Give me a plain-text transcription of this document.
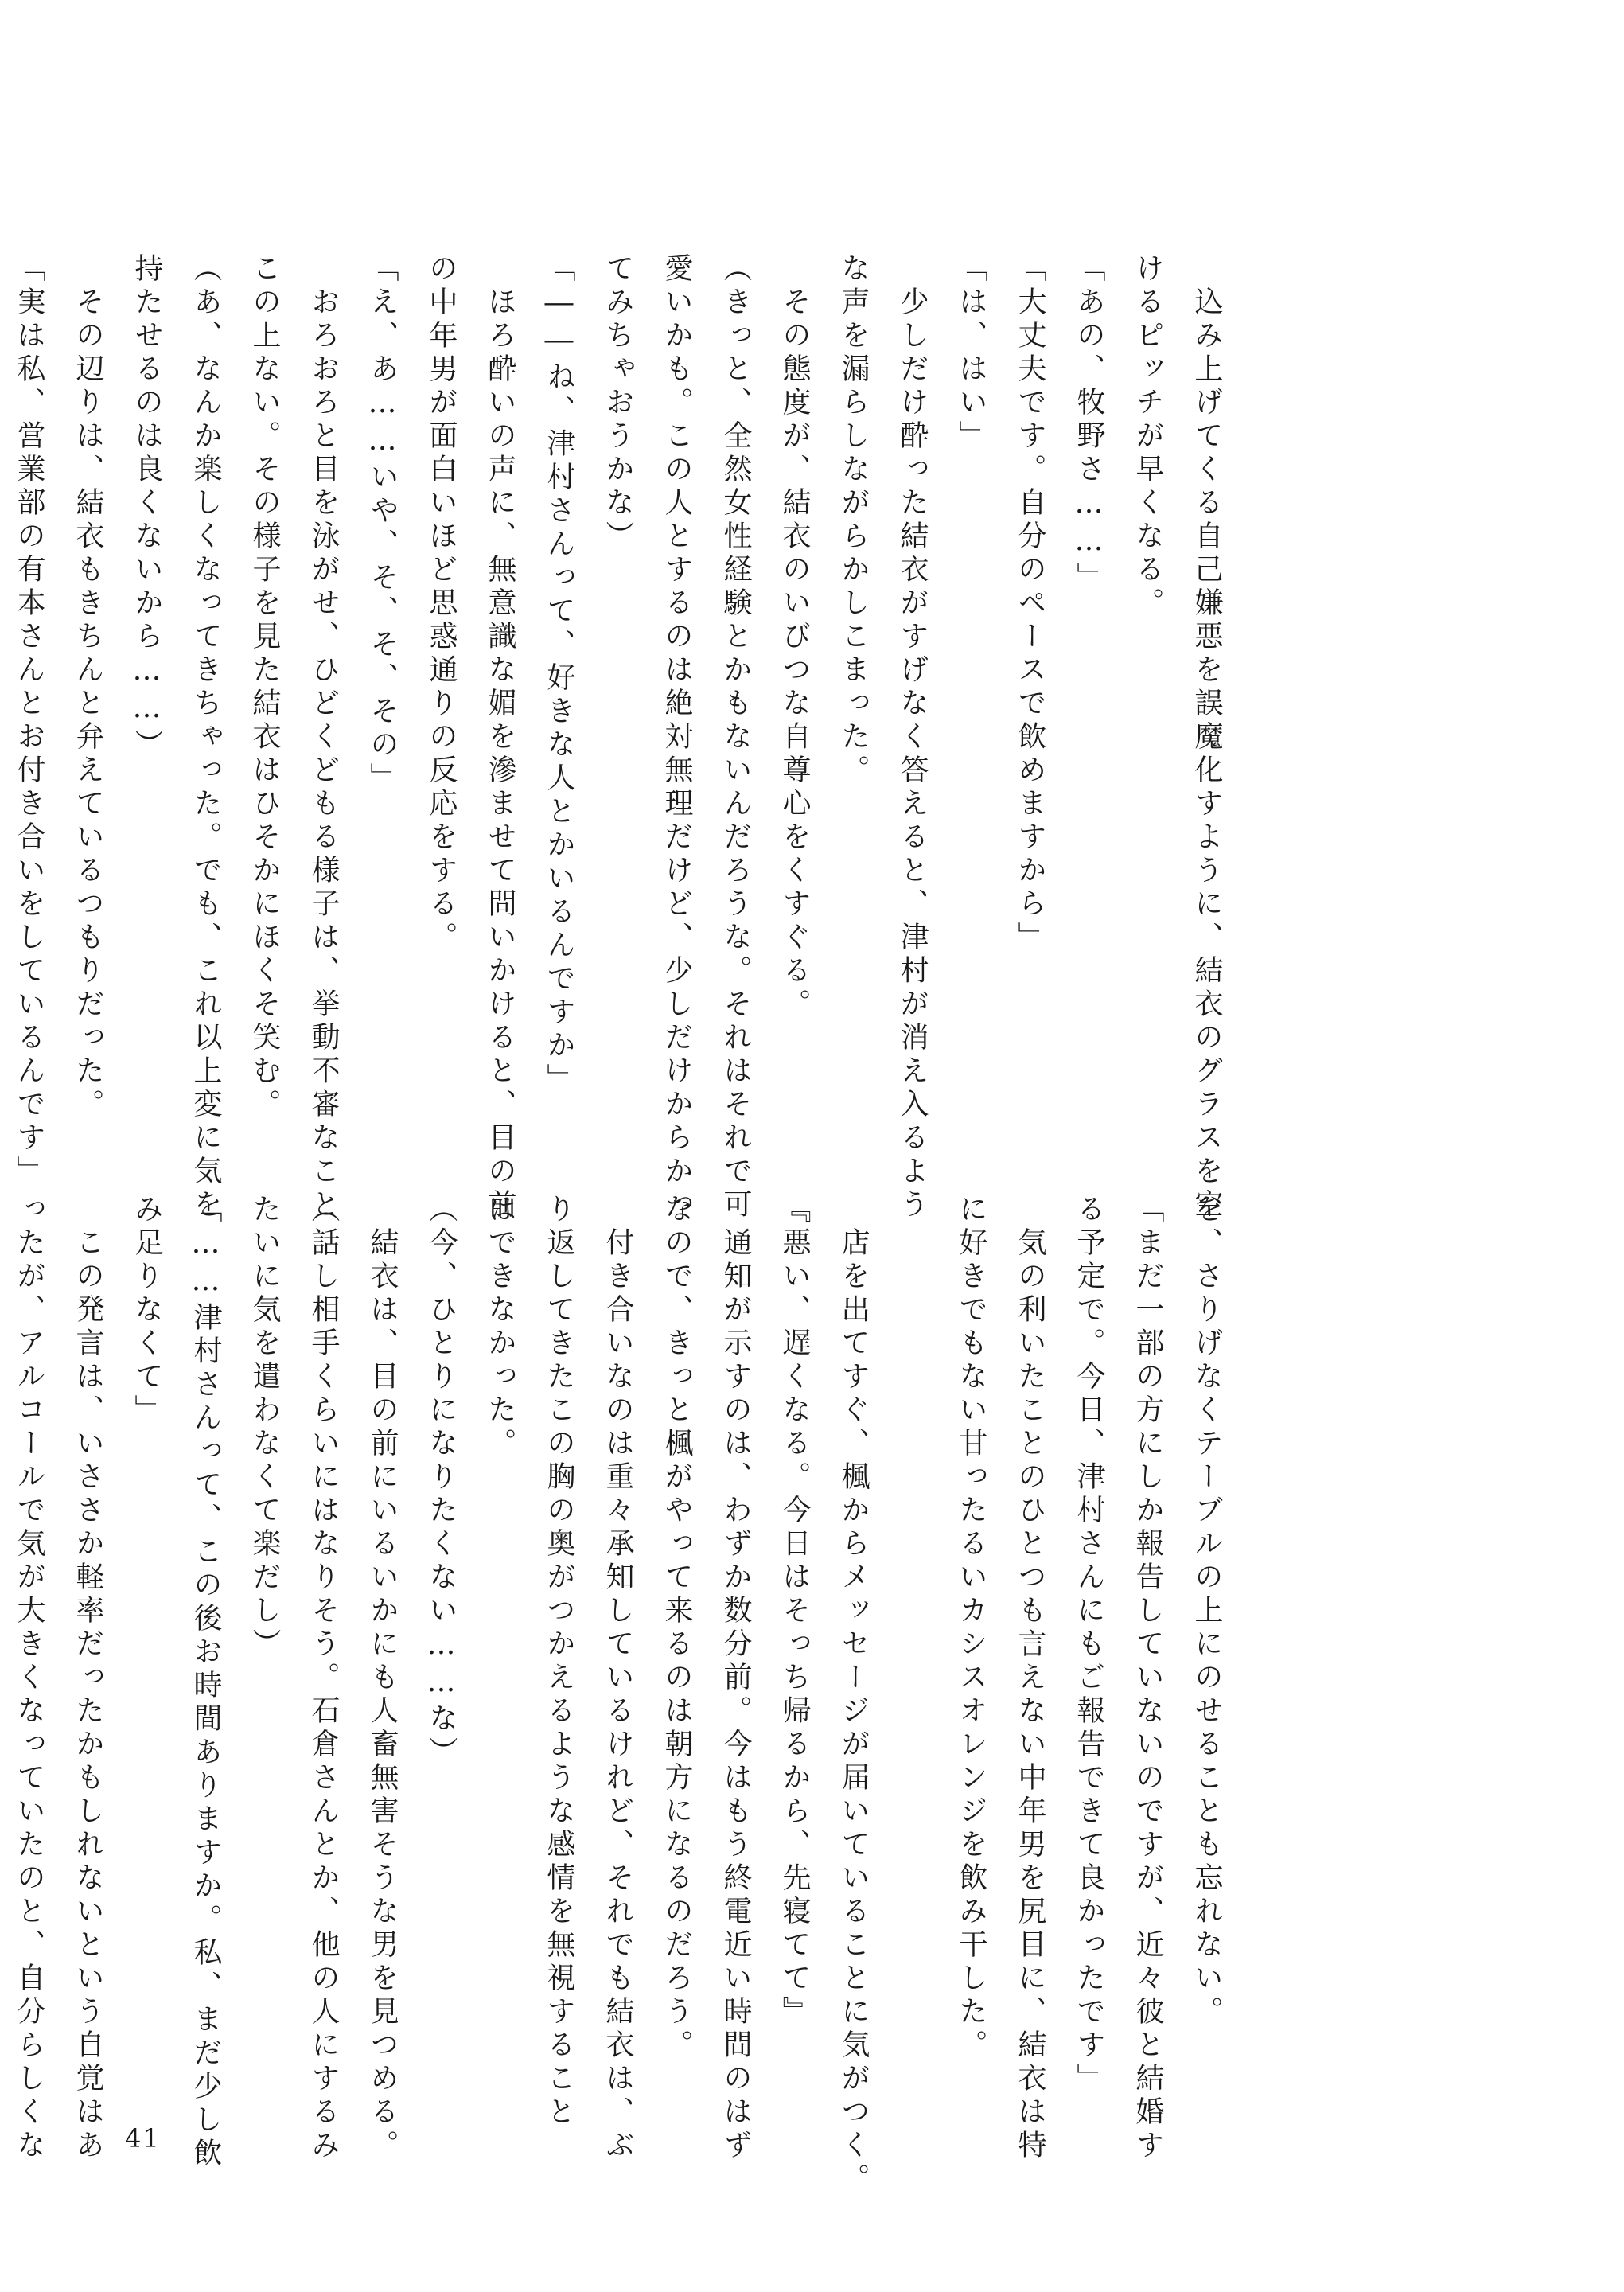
　込み上げてくる自己嫌悪を誤魔化すように、結衣のグラスを空
けるピッチが早くなる。
「あの、牧野さ……」
「大丈夫です。自分のペースで飲めますから」
「は、はい」
　少しだけ酔った結衣がすげなく答えると、津村が消え入るよう
な声を漏らしながらかしこまった。
　その態度が、結衣のいびつな自尊心をくすぐる。
（きっと、全然女性経験とかもないんだろうな。それはそれで可
愛いかも。この人とするのは絶対無理だけど、少しだけからかっ
てみちゃおうかな）
「――ね、津村さんって、好きな人とかいるんですか」
　ほろ酔いの声に、無意識な媚を滲ませて問いかけると、目の前
の中年男が面白いほど思惑通りの反応をする。
「え、あ……いや、そ、そ、その」
　おろおろと目を泳がせ、ひどくどもる様子は、挙動不審なこと
この上ない。その様子を見た結衣はひそかにほくそ笑む。
（あ、なんか楽しくなってきちゃった。でも、これ以上変に気を
持たせるのは良くないから……）
　その辺りは、結衣もきちんと弁えているつもりだった。
「実は私、営業部の有本さんとお付き合いをしているんです」
を、さりげなくテーブルの上にのせることも忘れない。
「まだ一部の方にしか報告していないのですが、近々彼と結婚す
る予定で。今日、津村さんにもご報告できて良かったです」
　気の利いたことのひとつも言えない中年男を尻目に、結衣は特
に好きでもない甘ったるいカシスオレンジを飲み干した。
　店を出てすぐ、楓からメッセージが届いていることに気がつく。
『悪い、遅くなる。今日はそっち帰るから、先寝てて』
　通知が示すのは、わずか数分前。今はもう終電近い時間のはず
なので、きっと楓がやって来るのは朝方になるのだろう。
　付き合いなのは重々承知しているけれど、それでも結衣は、ぶ
り返してきたこの胸の奥がつかえるような感情を無視すること
はできなかった。
（今、ひとりになりたくない……な）
　結衣は、目の前にいるいかにも人畜無害そうな男を見つめる。
（話し相手くらいにはなりそう。石倉さんとか、他の人にするみ
たいに気を遣わなくて楽だし）
「……津村さんって、この後お時間ありますか。私、まだ少し飲
み足りなくて」
　この発言は、いささか軽率だったかもしれないという自覚はあ
ったが、アルコールで気が大きくなっていたのと、自分らしくな	41
